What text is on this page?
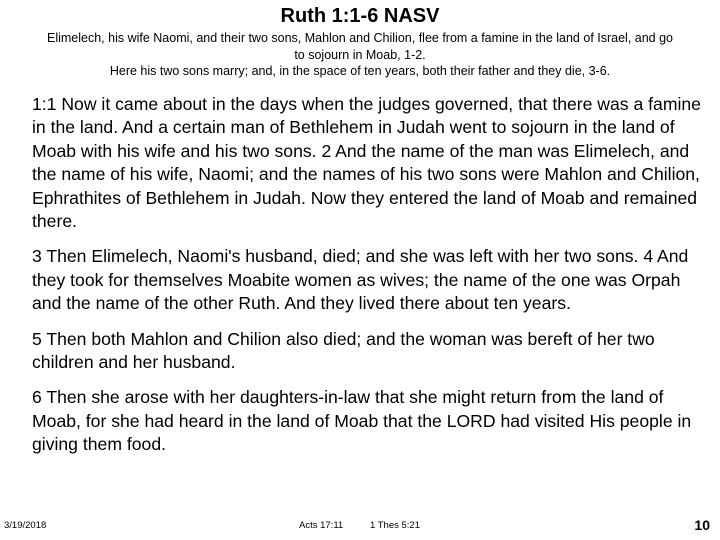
Ruth 1:1-6 NASV
Elimelech, his wife Naomi, and their two sons, Mahlon and Chilion, flee from a famine in the land of Israel, and go
to sojourn in Moab, 1-2.
Here his two sons marry; and, in the space of ten years, both their father and they die, 3-6.

1:1 Now it came about in the days when the judges governed, that there was a famine in the land. And a certain man of Bethlehem in Judah went to sojourn in the land of Moab with his wife and his two sons. 2 And the name of the man was Elimelech, and the name of his wife, Naomi; and the names of his two sons were Mahlon and Chilion, Ephrathites of Bethlehem in Judah. Now they entered the land of Moab and remained there.

3 Then Elimelech, Naomi's husband, died; and she was left with her two sons. 4 And they took for themselves Moabite women as wives; the name of the one was Orpah and the name of the other Ruth. And they lived there about ten years.

5 Then both Mahlon and Chilion also died; and the woman was bereft of her two children and her husband.

6 Then she arose with her daughters-in-law that she might return from the land of Moab, for she had heard in the land of Moab that the LORD had visited His people in giving them food.

3/19/2018	Acts 17:11	1 Thes 5:21	10
